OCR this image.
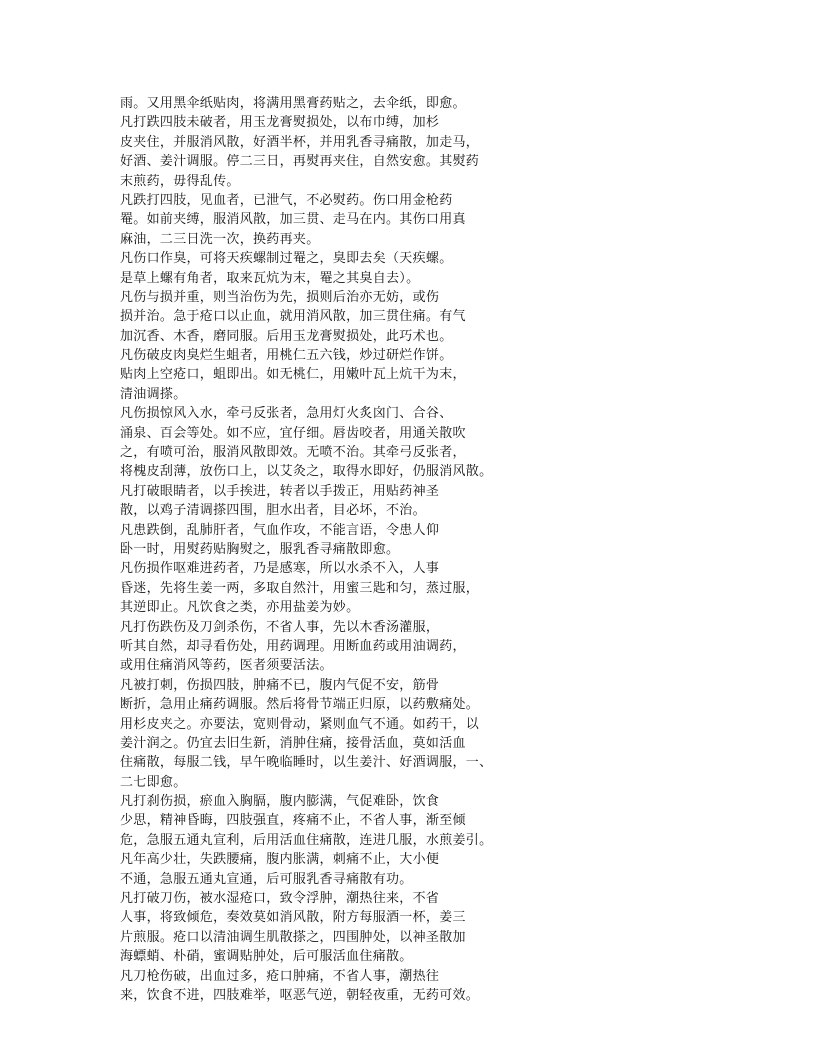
雨。又用黑伞纸贴肉，将满用黑膏药贴之，去伞纸，即愈。
凡打跌四肢未破者，用玉龙膏熨损处，以布巾缚，加杉
皮夹住，并服消风散，好酒半杯，并用乳香寻痛散，加走马，
好酒、姜汁调服。停二三日，再熨再夹住，自然安愈。其熨药
末煎药，毋得乱传。
凡跌打四肢，见血者，已泄气，不必熨药。伤口用金枪药
罨。如前夹缚，服消风散，加三贯、走马在内。其伤口用真
麻油，二三日洗一次，换药再夹。
凡伤口作臭，可将天疾螺制过罨之，臭即去矣（天疾螺。
是草上螺有角者，取来瓦炕为末，罨之其臭自去）。
凡伤与损并重，则当治伤为先，损则后治亦无妨，或伤
损并治。急于疮口以止血，就用消风散，加三贯住痛。有气
加沉香、木香，磨同服。后用玉龙膏熨损处，此巧术也。
凡伤破皮肉臭烂生蛆者，用桃仁五六钱，炒过研烂作饼。
贴肉上空疮口，蛆即出。如无桃仁，用嫩叶瓦上炕干为末，
清油调搽。
凡伤损惊风入水，牵弓反张者，急用灯火炙囟门、合谷、
涌泉、百会等处。如不应，宜仔细。唇齿咬者，用通关散吹
之，有喷可治，服消风散即效。无喷不治。其牵弓反张者，
将槐皮刮薄，放伤口上，以艾灸之，取得水即好，仍服消风散。
凡打破眼睛者，以手挨进，转者以手拨正，用贴药神圣
散，以鸡子清调搽四围，胆水出者，目必坏，不治。
凡患跌倒，乱肺肝者，气血作攻，不能言语，令患人仰
卧一时，用熨药贴胸熨之，服乳香寻痛散即愈。
凡伤损作呕难进药者，乃是感寒，所以水杀不入，人事
昏迷，先将生姜一两，多取自然汁，用蜜三匙和匀，蒸过服，
其逆即止。凡饮食之类，亦用盐姜为妙。
凡打伤跌伤及刀剑杀伤，不省人事，先以木香汤灌服，
听其自然，却寻看伤处，用药调理。用断血药或用油调药，
或用住痛消风等药，医者须要活法。
凡被打刺，伤损四肢，肿痛不已，腹内气促不安，筋骨
断折，急用止痛药调服。然后将骨节端正归原，以药敷痛处。
用杉皮夹之。亦要法，宽则骨动，紧则血气不通。如药干，以
姜汁润之。仍宜去旧生新，消肿住痛，接骨活血，莫如活血
住痛散，每服二钱，早午晚临睡时，以生姜汁、好酒调服，一、
二七即愈。
凡打刹伤损，瘀血入胸膈，腹内膨满，气促难卧，饮食
少思，精神昏晦，四肢强直，疼痛不止，不省人事，渐至倾
危，急服五通丸宣利，后用活血住痛散，连进几服，水煎姜引。
凡年高少壮，失跌腰痛，腹内胀满，刺痛不止，大小便
不通，急服五通丸宣通，后可服乳香寻痛散有功。
凡打破刀伤，被水湿疮口，致令浮肿，潮热往来，不省
人事，将致倾危，奏效莫如消风散，附方每服酒一杯，姜三
片煎服。疮口以清油调生肌散搽之，四围肿处，以神圣散加
海螵蛸、朴硝，蜜调贴肿处，后可服活血住痛散。
凡刀枪伤破，出血过多，疮口肿痛，不省人事，潮热往
来，饮食不进，四肢难举，呕恶气逆，朝轻夜重，无药可效。
